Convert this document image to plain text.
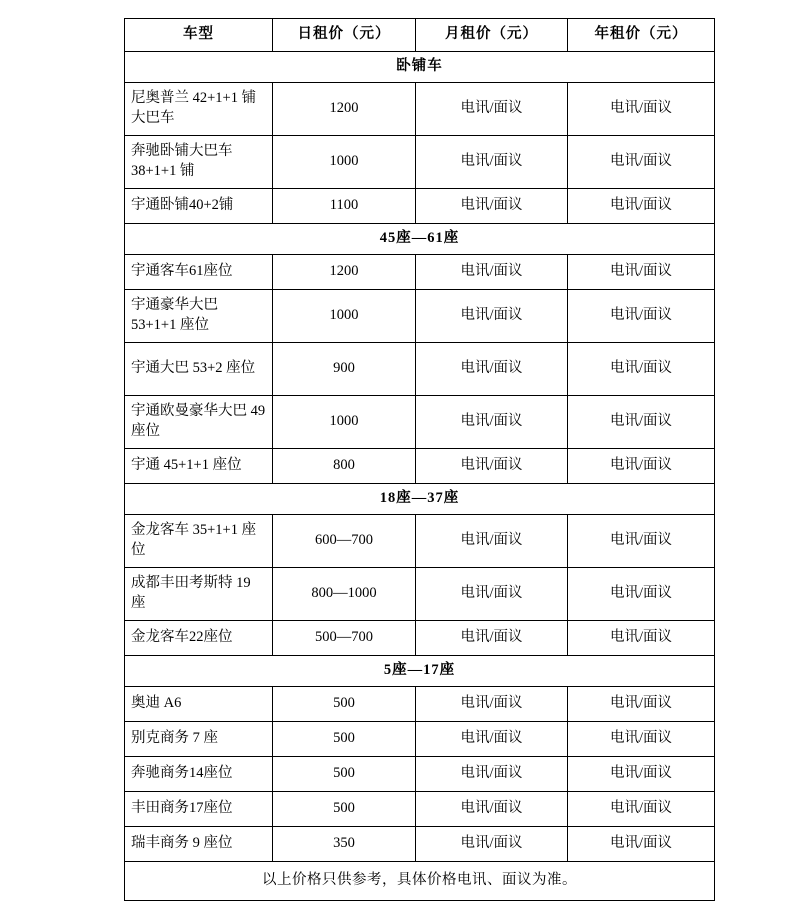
车型	日租价（元）	月租价（元）	年租价（元）
卧铺车			
尼奥普兰 42+1+1 铺大巴车	1200	电讯/面议	电讯/面议
奔驰卧铺大巴车 38+1+1 铺	1000	电讯/面议	电讯/面议
宇通卧铺40+2铺	1100	电讯/面议	电讯/面议
45座—61座			
宇通客车61座位	1200	电讯/面议	电讯/面议
宇通豪华大巴 53+1+1 座位	1000	电讯/面议	电讯/面议
宇通大巴 53+2 座位	900	电讯/面议	电讯/面议
宇通欧曼豪华大巴 49 座位	1000	电讯/面议	电讯/面议
宇通 45+1+1 座位	800	电讯/面议	电讯/面议
18座—37座			
金龙客车 35+1+1 座位	600—700	电讯/面议	电讯/面议
成都丰田考斯特 19 座	800—1000	电讯/面议	电讯/面议
金龙客车22座位	500—700	电讯/面议	电讯/面议
5座—17座			
奥迪 A6	500	电讯/面议	电讯/面议
别克商务 7 座	500	电讯/面议	电讯/面议
奔驰商务14座位	500	电讯/面议	电讯/面议
丰田商务17座位	500	电讯/面议	电讯/面议
瑞丰商务 9 座位	350	电讯/面议	电讯/面议
以上价格只供参考，具体价格电讯、面议为准。			
